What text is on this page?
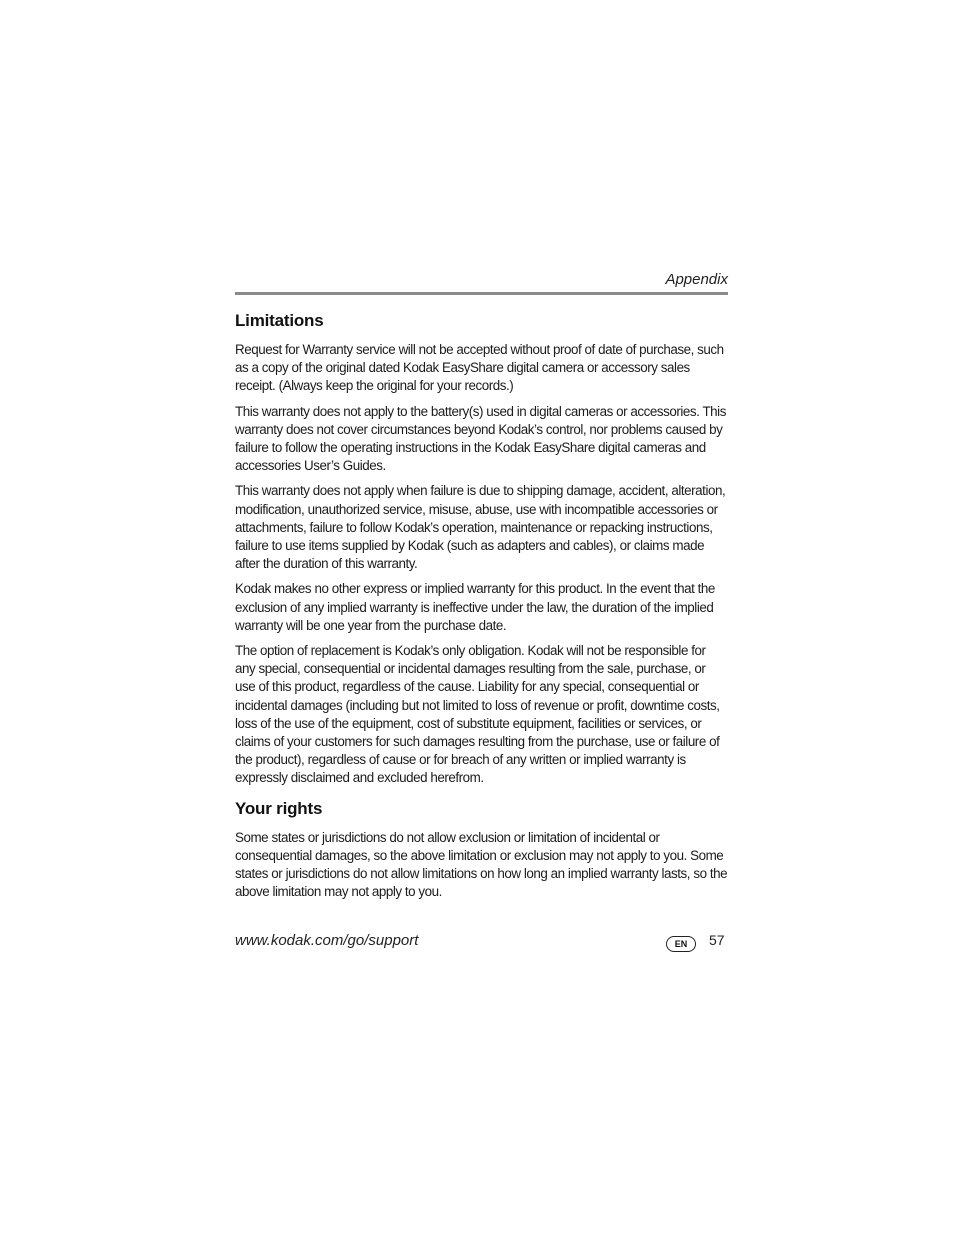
Appendix
Limitations

Request for Warranty service will not be accepted without proof of date of purchase, such as a copy of the original dated Kodak EasyShare digital camera or accessory sales receipt. (Always keep the original for your records.)

This warranty does not apply to the battery(s) used in digital cameras or accessories. This warranty does not cover circumstances beyond Kodak’s control, nor problems caused by failure to follow the operating instructions in the Kodak EasyShare digital cameras and accessories User’s Guides.

This warranty does not apply when failure is due to shipping damage, accident, alteration, modification, unauthorized service, misuse, abuse, use with incompatible accessories or attachments, failure to follow Kodak’s operation, maintenance or repacking instructions, failure to use items supplied by Kodak (such as adapters and cables), or claims made after the duration of this warranty.

Kodak makes no other express or implied warranty for this product. In the event that the exclusion of any implied warranty is ineffective under the law, the duration of the implied warranty will be one year from the purchase date.

The option of replacement is Kodak’s only obligation. Kodak will not be responsible for any special, consequential or incidental damages resulting from the sale, purchase, or use of this product, regardless of the cause. Liability for any special, consequential or incidental damages (including but not limited to loss of revenue or profit, downtime costs, loss of the use of the equipment, cost of substitute equipment, facilities or services, or claims of your customers for such damages resulting from the purchase, use or failure of the product), regardless of cause or for breach of any written or implied warranty is expressly disclaimed and excluded herefrom.

Your rights

Some states or jurisdictions do not allow exclusion or limitation of incidental or consequential damages, so the above limitation or exclusion may not apply to you. Some states or jurisdictions do not allow limitations on how long an implied warranty lasts, so the above limitation may not apply to you.

www.kodak.com/go/support	EN	57
